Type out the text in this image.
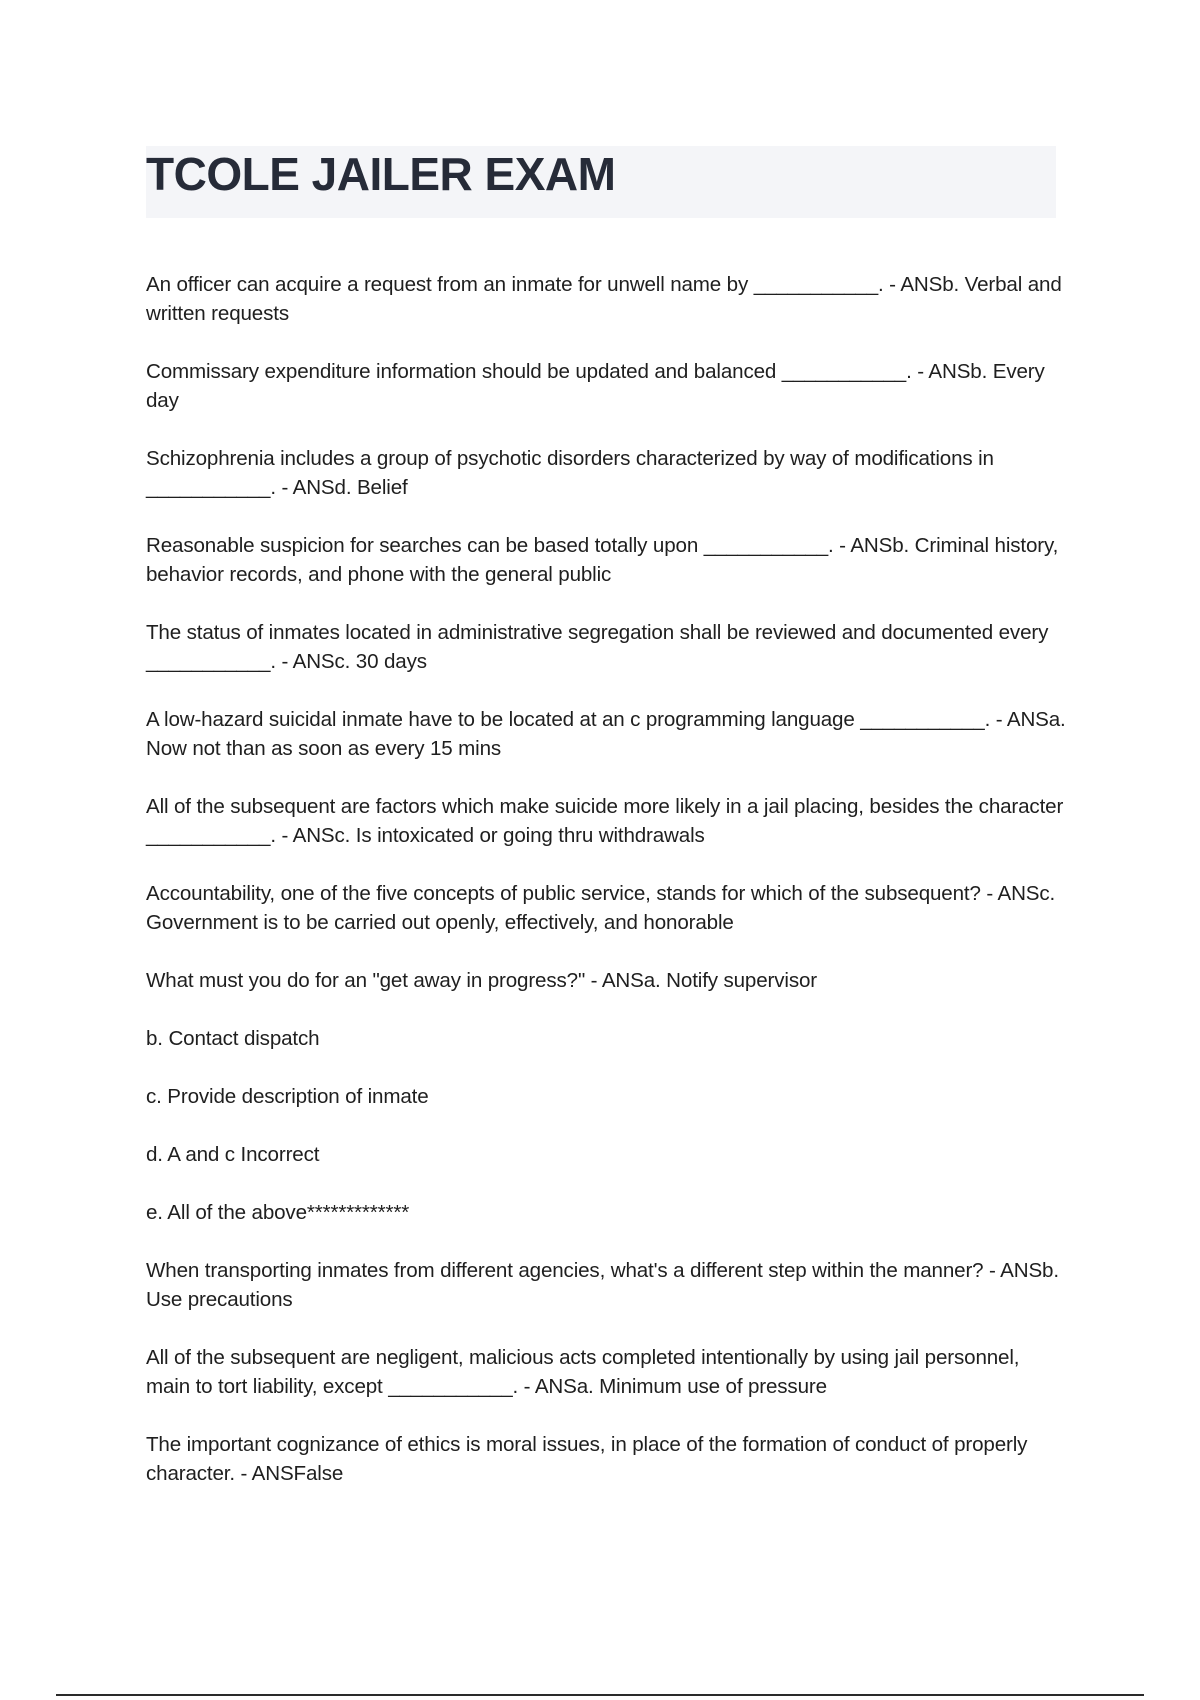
TCOLE JAILER EXAM

An officer can acquire a request from an inmate for unwell name by ___________. - ANSb. Verbal and written requests

Commissary expenditure information should be updated and balanced ___________. - ANSb. Every day

Schizophrenia includes a group of psychotic disorders characterized by way of modifications in ___________. - ANSd. Belief

Reasonable suspicion for searches can be based totally upon ___________. - ANSb. Criminal history, behavior records, and phone with the general public

The status of inmates located in administrative segregation shall be reviewed and documented every ___________. - ANSc. 30 days

A low-hazard suicidal inmate have to be located at an c programming language ___________. - ANSa. Now not than as soon as every 15 mins

All of the subsequent are factors which make suicide more likely in a jail placing, besides the character ___________. - ANSc. Is intoxicated or going thru withdrawals

Accountability, one of the five concepts of public service, stands for which of the subsequent? - ANSc. Government is to be carried out openly, effectively, and honorable

What must you do for an "get away in progress?" - ANSa. Notify supervisor

b. Contact dispatch

c. Provide description of inmate

d. A and c Incorrect

e. All of the above*************

When transporting inmates from different agencies, what's a different step within the manner? - ANSb. Use precautions

All of the subsequent are negligent, malicious acts completed intentionally by using jail personnel, main to tort liability, except ___________. - ANSa. Minimum use of pressure

The important cognizance of ethics is moral issues, in place of the formation of conduct of properly character. - ANSFalse
